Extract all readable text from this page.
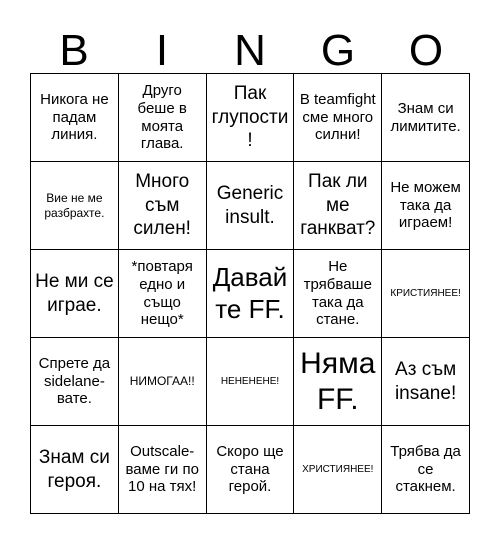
B	I	N	G	O
Никога не падам линия.
Друго беше в моята глава.
Пак глупости!
В teamfight сме много силни!
Знам си лимитите.
Вие не ме разбрахте.
Много съм силен!
Generic insult.
Пак ли ме ганкват?
Не можем така да играем!
Не ми се играе.
*повтаря едно и също нещо*
Давай те FF.
Не трябваше така да стане.
КРИСТИЯНЕЕ!
Спрете да sidelane-вате.
НИМОГАА!!	НЕНЕНЕНЕ!
Няма FF.
Аз съм insane!
Знам си героя.
Outscale-ваме ги по 10 на тях!
Скоро ще стана герой.
ХРИСТИЯНЕЕ!
Трябва да се стакнем.
